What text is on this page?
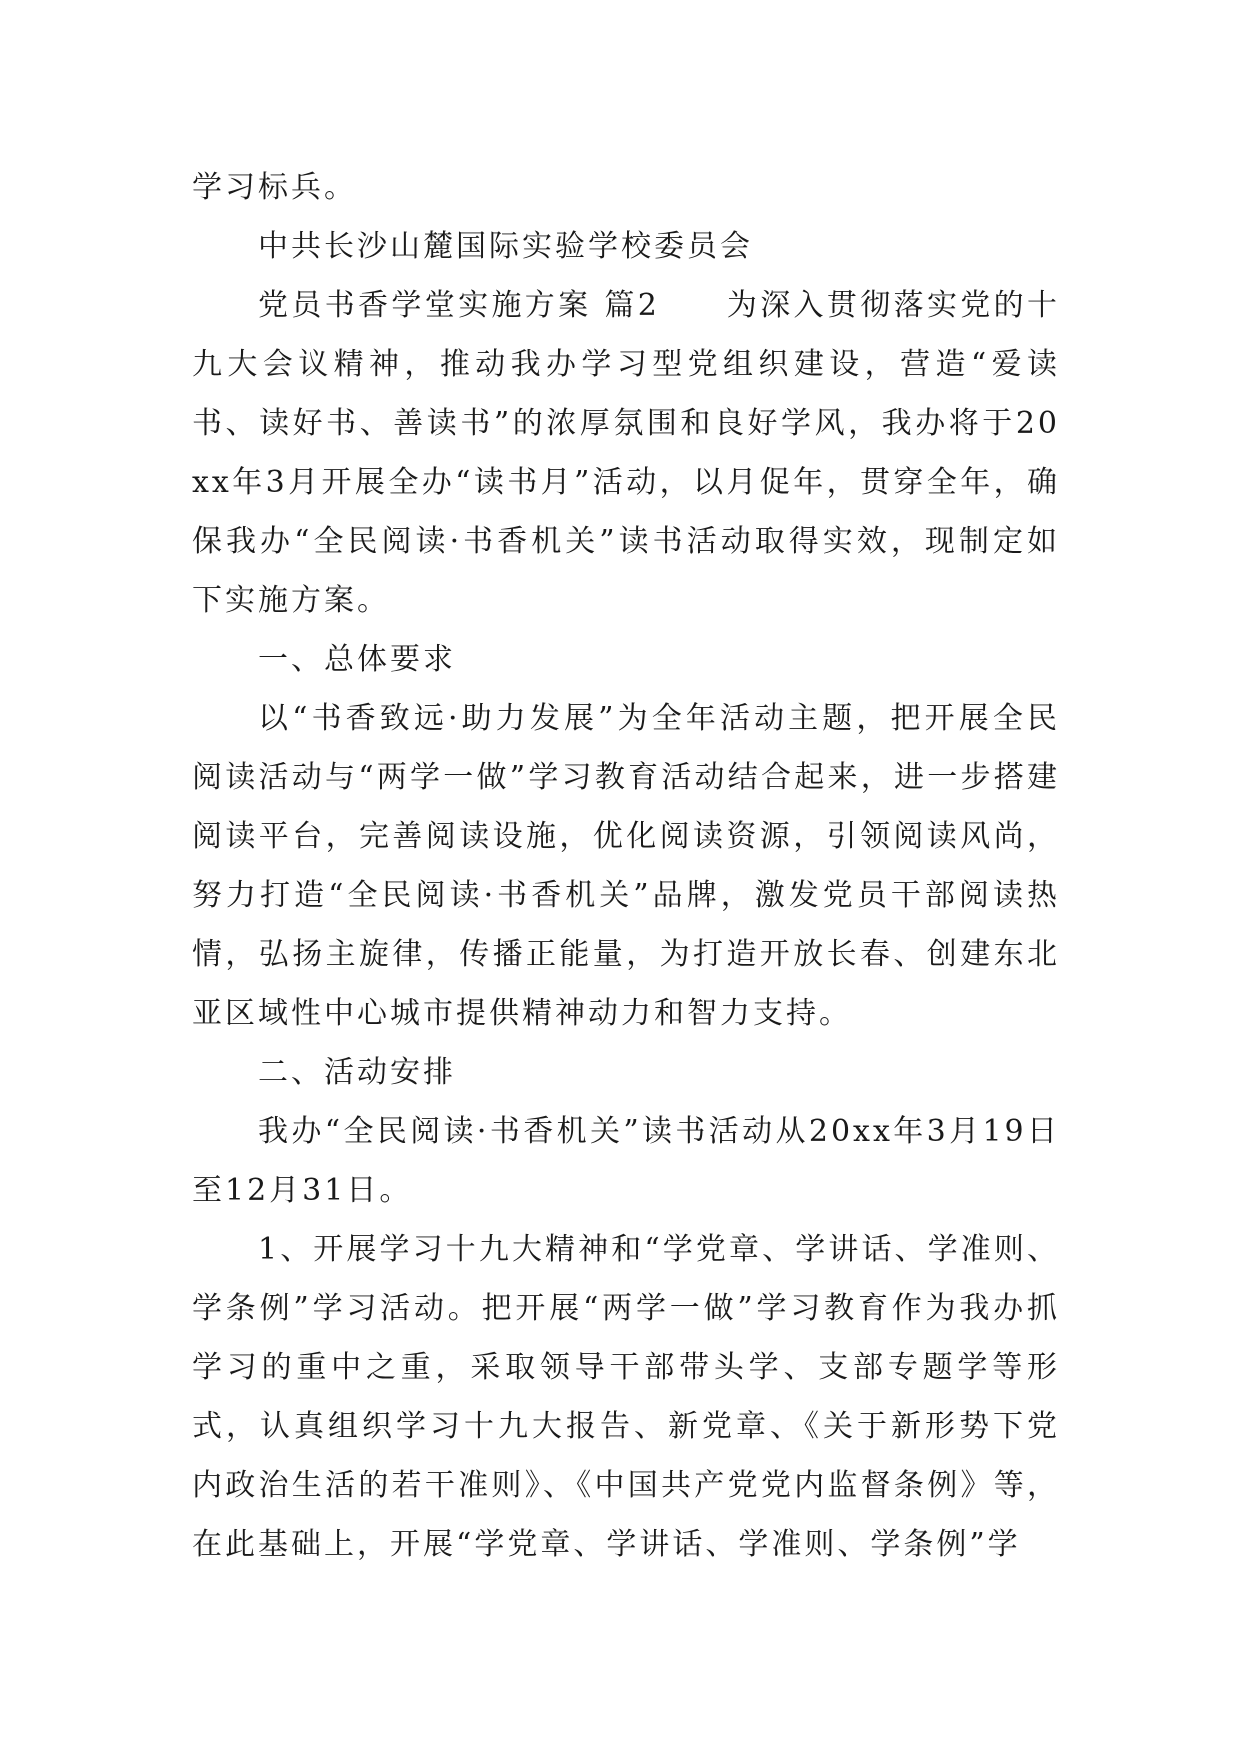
学习标兵。

中共长沙山麓国际实验学校委员会

党员书香学堂实施方案 篇2　　为深入贯彻落实党的十九大会议精神，推动我办学习型党组织建设，营造“爱读书、读好书、善读书”的浓厚氛围和良好学风，我办将于20xx年3月开展全办“读书月”活动，以月促年，贯穿全年，确保我办“全民阅读·书香机关”读书活动取得实效，现制定如下实施方案。

一、总体要求

以“书香致远·助力发展”为全年活动主题，把开展全民阅读活动与“两学一做”学习教育活动结合起来，进一步搭建阅读平台，完善阅读设施，优化阅读资源，引领阅读风尚，努力打造“全民阅读·书香机关”品牌，激发党员干部阅读热情，弘扬主旋律，传播正能量，为打造开放长春、创建东北亚区域性中心城市提供精神动力和智力支持。

二、活动安排

我办“全民阅读·书香机关”读书活动从20xx年3月19日至12月31日。

1、开展学习十九大精神和“学党章、学讲话、学准则、学条例”学习活动。把开展“两学一做”学习教育作为我办抓学习的重中之重，采取领导干部带头学、支部专题学等形式，认真组织学习十九大报告、新党章、《关于新形势下党内政治生活的若干准则》、《中国共产党党内监督条例》等，在此基础上，开展“学党章、学讲话、学准则、学条例”学
